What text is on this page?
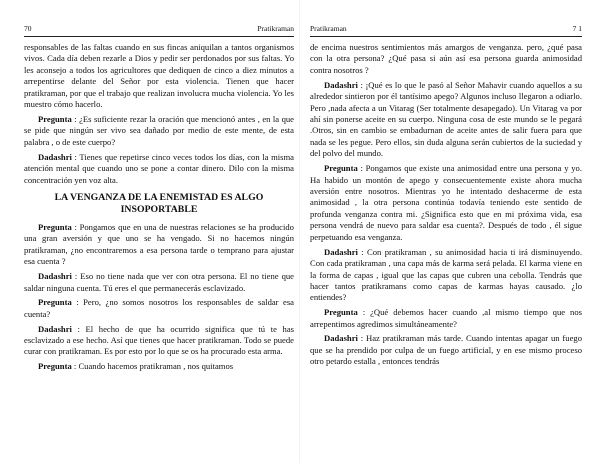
70	Pratikraman

responsables de las faltas cuando en sus fincas aniquilan a tantos organismos vivos. Cada día deben rezarle a Dios y pedir ser perdonados por sus faltas. Yo les aconsejo a todos los agricultores que dediquen de cinco a diez minutos a arrepentirse delante del Señor por esta violencia. Tienen que hacer pratikraman, por que el trabajo que realizan involucra mucha violencia. Yo les muestro cómo hacerlo.

Pregunta : ¿Es suficiente rezar la oración que mencionó antes , en la que se pide que ningún ser vivo sea dañado por medio de este mente, de esta palabra , o de este cuerpo?

Dadashri : Tienes que repetirse cinco veces todos los días, con la misma atención mental que cuando uno se pone a contar dinero. Dilo con la misma concentración yen voz alta.

LA VENGANZA DE LA ENEMISTAD ES ALGO INSOPORTABLE

Pregunta : Pongamos que en una de nuestras relaciones se ha producido una gran aversión y que uno se ha vengado. Si no hacemos ningún pratikraman, ¿no encontraremos a esa persona tarde o temprano para ajustar esa cuenta ?

Dadashri : Eso no tiene nada que ver con otra persona. El no tiene que saldar ninguna cuenta. Tú eres el que permanecerás esclavizado.

Pregunta : Pero, ¿no somos nosotros los responsables de saldar esa cuenta?

Dadashri : El hecho de que ha ocurrido significa que tú te has esclavizado a ese hecho. Así que tienes que hacer pratikraman. Todo se puede curar con pratikraman. Es por esto por lo que se os ha procurado esta arma.

Pregunta : Cuando hacemos pratikraman , nos quitamos

Pratikraman	7 1

de encima nuestros sentimientos más amargos de venganza. pero, ¿qué pasa con la otra persona? ¿Qué pasa si aún así esa persona guarda animosidad contra nosotros ?

Dadashri : ¡Qué es lo que le pasó al Señor Mahavir cuando aquellos a su alrededor sintieron por él tantísimo apego? Algunos incluso llegaron a odiarlo. Pero ,nada afecta a un Vitarag (Ser totalmente desapegado). Un Vitarag va por ahí sin ponerse aceite en su cuerpo. Ninguna cosa de este mundo se le pegará .Otros, sin en cambio se embadurnan de aceite antes de salir fuera para que nada se les pegue. Pero ellos, sin duda alguna serán cubiertos de la suciedad y del polvo del mundo.

Pregunta : Pongamos que existe una animosidad entre una persona y yo. Ha habido un montón de apego y consecuentemente existe ahora mucha aversión entre nosotros. Mientras yo he intentado deshacerme de esta animosidad , la otra persona continúa todavía teniendo este sentido de profunda venganza contra mi. ¿Significa esto que en mi próxima vida, esa persona vendrá de nuevo para saldar esa cuenta?. Después de todo , él sigue perpetuando esa venganza.

Dadashri : Con pratikraman , su animosidad hacia ti irá disminuyendo. Con cada pratikraman , una capa más de karma será pelada. El karma viene en la forma de capas , igual que las capas que cubren una cebolla. Tendrás que hacer tantos pratikramans como capas de karmas hayas causado. ¿lo entiendes?

Pregunta : ¿Qué debemos hacer cuando ,al mismo tiempo que nos arrepentimos agredimos simultáneamente?

Dadashri : Haz pratikraman más tarde. Cuando intentas apagar un fuego que se ha prendido por culpa de un fuego artificial, y en ese mismo proceso otro petardo estalla , entonces tendrás
